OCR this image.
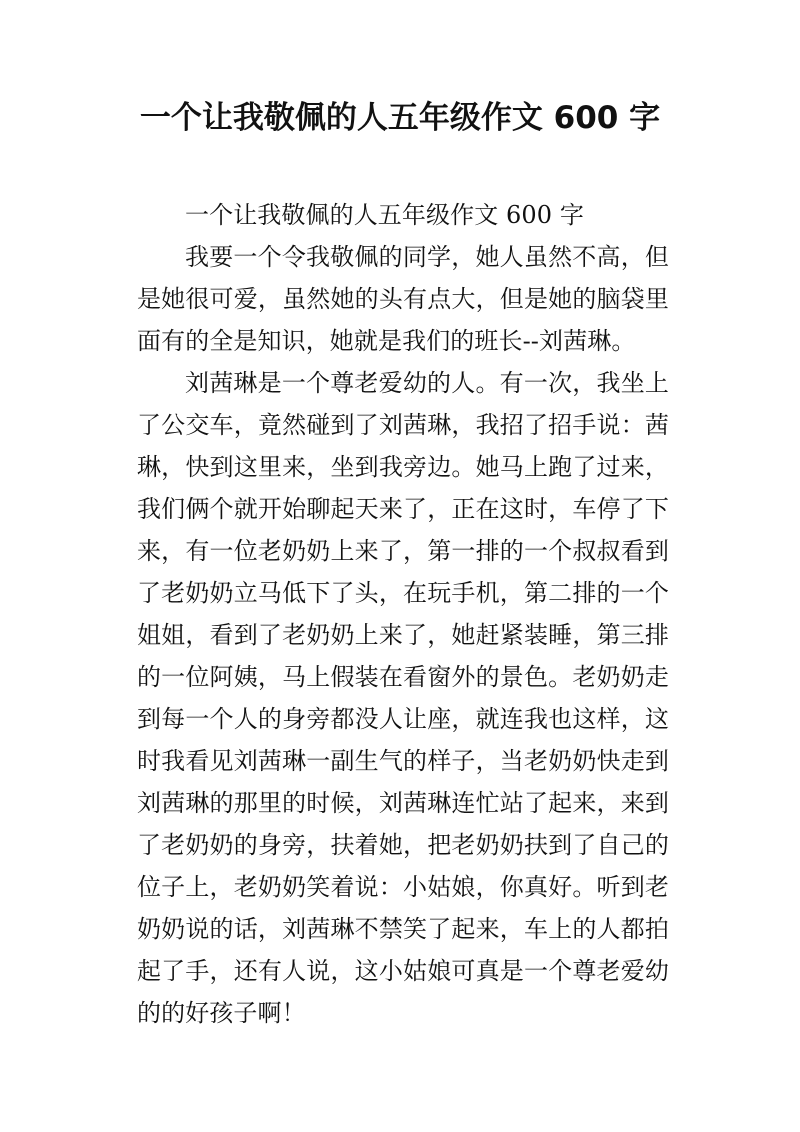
一个让我敬佩的人五年级作文 600 字

一个让我敬佩的人五年级作文 600 字

我要一个令我敬佩的同学，她人虽然不高，但是她很可爱，虽然她的头有点大，但是她的脑袋里面有的全是知识，她就是我们的班长--刘茜琳。

刘茜琳是一个尊老爱幼的人。有一次，我坐上了公交车，竟然碰到了刘茜琳，我招了招手说：茜琳，快到这里来，坐到我旁边。她马上跑了过来，我们俩个就开始聊起天来了，正在这时，车停了下来，有一位老奶奶上来了，第一排的一个叔叔看到了老奶奶立马低下了头，在玩手机，第二排的一个姐姐，看到了老奶奶上来了，她赶紧装睡，第三排的一位阿姨，马上假装在看窗外的景色。老奶奶走到每一个人的身旁都没人让座，就连我也这样，这时我看见刘茜琳一副生气的样子，当老奶奶快走到刘茜琳的那里的时候，刘茜琳连忙站了起来，来到了老奶奶的身旁，扶着她，把老奶奶扶到了自己的位子上，老奶奶笑着说：小姑娘，你真好。听到老奶奶说的话，刘茜琳不禁笑了起来，车上的人都拍起了手，还有人说，这小姑娘可真是一个尊老爱幼的的好孩子啊！
